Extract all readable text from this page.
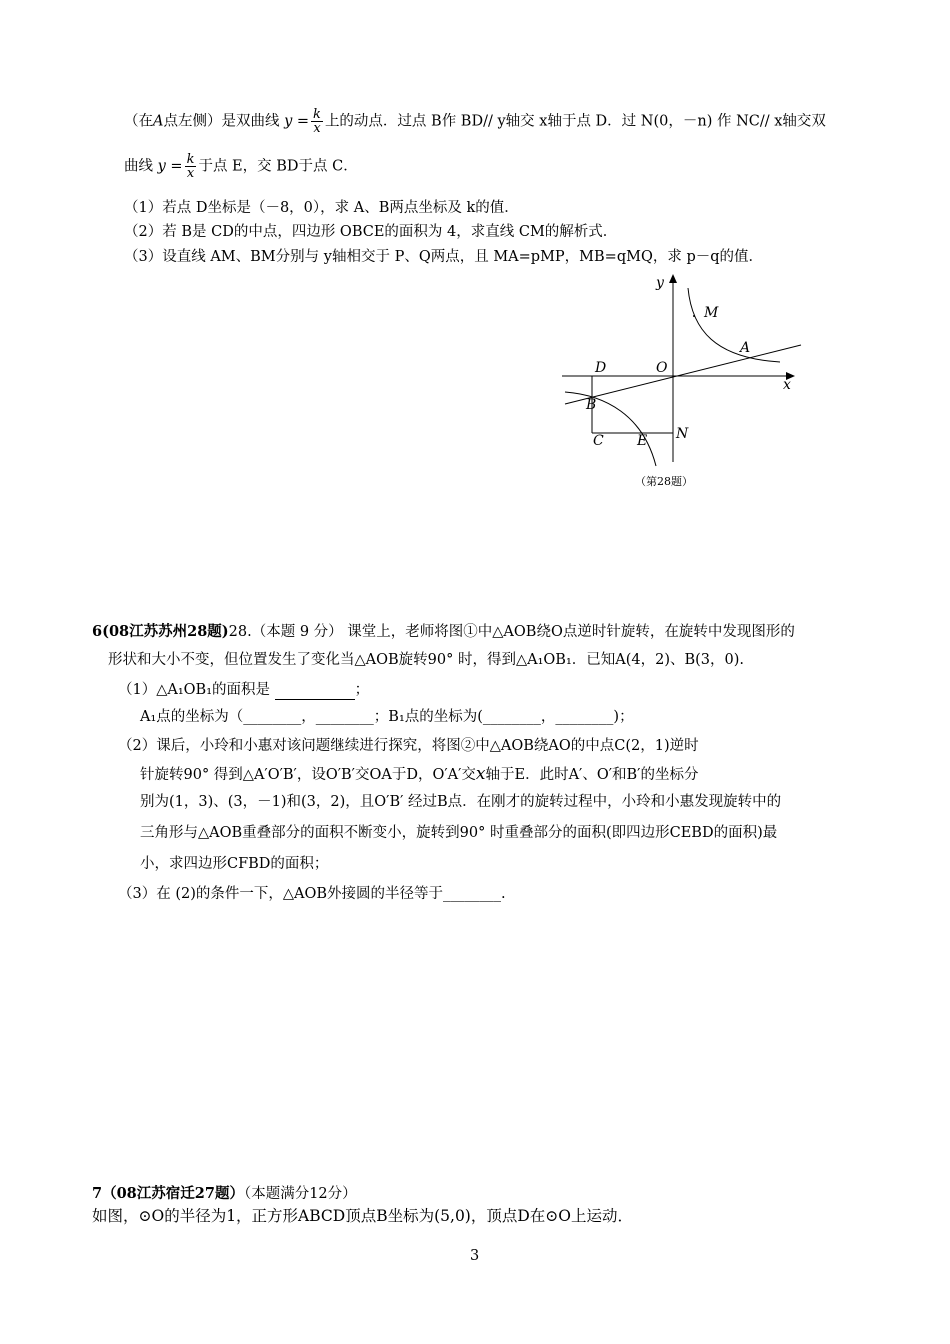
（在A点左侧）是双曲线 $y = \frac{k}{x}$ 上的动点．过点 B作 BD// y轴交 x轴于点 D．过 N(0，－n) 作 NC// x轴交双
曲线 $y = \frac{k}{x}$ 于点 E，交 BD于点 C．
（1）若点 D坐标是（－8，0），求 A、B两点坐标及 k的值．
（2）若 B是 CD的中点，四边形 OBCE的面积为 4，求直线 CM的解析式．
（3）设直线 AM、BM分别与 y轴相交于 P、Q两点，且 MA=pMP，MB=qMQ，求 p－q的值．
y
M
A
D	O
x
B
C E N
（第28题）
6(08江苏苏州28题)28.（本题 9 分） 课堂上，老师将图①中△AOB绕O点逆时针旋转，在旋转中发现图形的
形状和大小不变，但位置发生了变化当△AOB旋转90° 时，得到△A₁OB₁．已知A(4，2)、B(3，0).
（1）△A₁OB₁的面积是	；
A₁点的坐标为（________，________；B₁点的坐标为(________，________)；
（2）课后，小玲和小惠对该问题继续进行探究，将图②中△AOB绕AO的中点C(2，1)逆时
针旋转90° 得到△A′O′B′，设O′B′交OA于D，O′A′交x轴于E．此时A′、O′和B′的坐标分
别为(1，3)、(3，－1)和(3，2)，且O′B′ 经过B点．在刚才的旋转过程中，小玲和小惠发现旋转中的
三角形与△AOB重叠部分的面积不断变小，旋转到90° 时重叠部分的面积(即四边形CEBD的面积)最
小，求四边形CFBD的面积；
（3）在 (2)的条件一下，△AOB外接圆的半径等于________.
7（08江苏宿迁27题）（本题满分12分）
如图，⊙O的半径为1，正方形ABCD顶点B坐标为(5,0)，顶点D在⊙O上运动．
3
